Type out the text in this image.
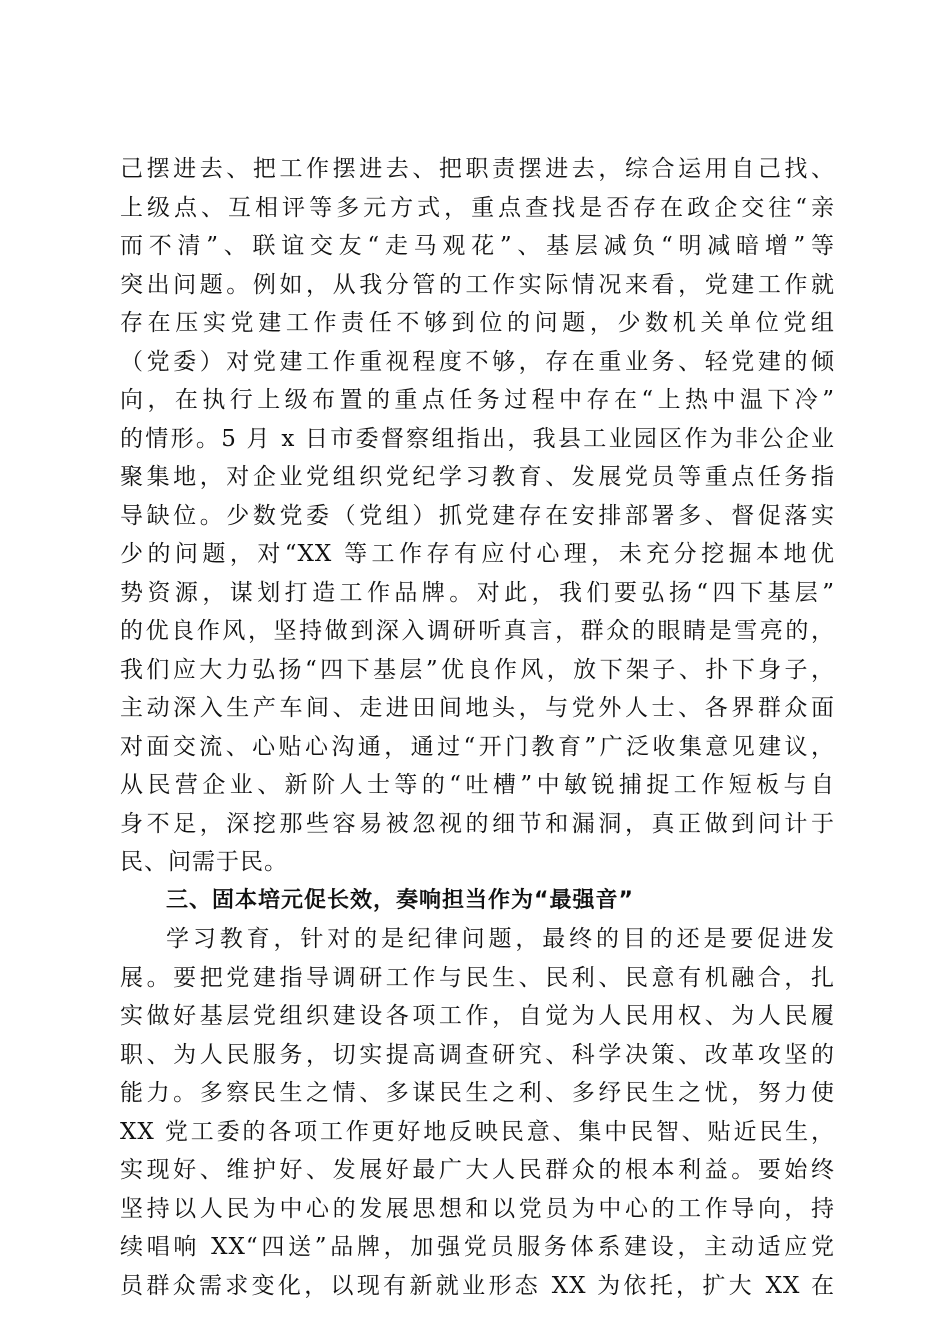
己摆进去、把工作摆进去、把职责摆进去，综合运用自己找、
上级点、互相评等多元方式，重点查找是否存在政企交往“亲
而不清”、联谊交友“走马观花”、基层减负“明减暗增”等
突出问题。例如，从我分管的工作实际情况来看，党建工作就
存在压实党建工作责任不够到位的问题，少数机关单位党组
（党委）对党建工作重视程度不够，存在重业务、轻党建的倾
向，在执行上级布置的重点任务过程中存在“上热中温下冷”
的情形。5 月 x 日市委督察组指出，我县工业园区作为非公企业
聚集地，对企业党组织党纪学习教育、发展党员等重点任务指
导缺位。少数党委（党组）抓党建存在安排部署多、督促落实
少的问题，对“XX 等工作存有应付心理，未充分挖掘本地优
势资源，谋划打造工作品牌。对此，我们要弘扬“四下基层”
的优良作风，坚持做到深入调研听真言，群众的眼睛是雪亮的，
我们应大力弘扬“四下基层”优良作风，放下架子、扑下身子，
主动深入生产车间、走进田间地头，与党外人士、各界群众面
对面交流、心贴心沟通，通过“开门教育”广泛收集意见建议，
从民营企业、新阶人士等的“吐槽”中敏锐捕捉工作短板与自
身不足，深挖那些容易被忽视的细节和漏洞，真正做到问计于
民、问需于民。
三、固本培元促长效，奏响担当作为“最强音”
学习教育，针对的是纪律问题，最终的目的还是要促进发
展。要把党建指导调研工作与民生、民利、民意有机融合，扎
实做好基层党组织建设各项工作，自觉为人民用权、为人民履
职、为人民服务，切实提高调查研究、科学决策、改革攻坚的
能力。多察民生之情、多谋民生之利、多纾民生之忧，努力使
XX 党工委的各项工作更好地反映民意、集中民智、贴近民生，
实现好、维护好、发展好最广大人民群众的根本利益。要始终
坚持以人民为中心的发展思想和以党员为中心的工作导向，持
续唱响 XX“四送”品牌，加强党员服务体系建设，主动适应党
员群众需求变化，以现有新就业形态 XX 为依托，扩大 XX 在
